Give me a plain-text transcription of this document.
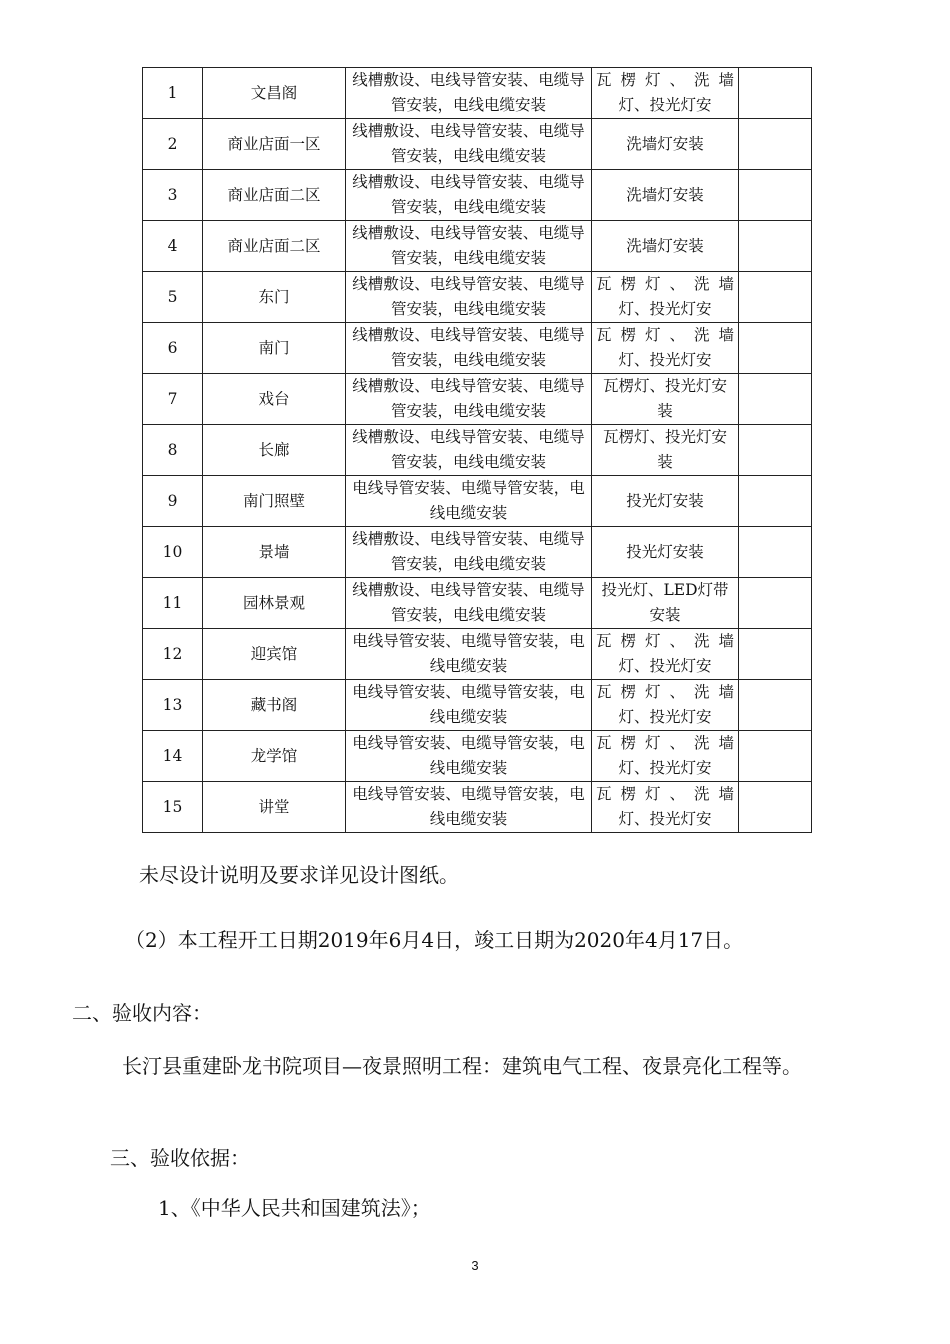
1	文昌阁	线槽敷设、电线导管安装、电缆导管安装，电线电缆安装	瓦 楞 灯 、 洗 墙 灯、投光灯安	
2	商业店面一区	线槽敷设、电线导管安装、电缆导管安装，电线电缆安装	洗墙灯安装	
3	商业店面二区	线槽敷设、电线导管安装、电缆导管安装，电线电缆安装	洗墙灯安装	
4	商业店面二区	线槽敷设、电线导管安装、电缆导管安装，电线电缆安装	洗墙灯安装	
5	东门	线槽敷设、电线导管安装、电缆导管安装，电线电缆安装	瓦 楞 灯 、 洗 墙 灯、投光灯安	
6	南门	线槽敷设、电线导管安装、电缆导管安装，电线电缆安装	瓦 楞 灯 、 洗 墙 灯、投光灯安	
7	戏台	线槽敷设、电线导管安装、电缆导管安装，电线电缆安装	瓦楞灯、投光灯安装	
8	长廊	线槽敷设、电线导管安装、电缆导管安装，电线电缆安装	瓦楞灯、投光灯安装	
9	南门照壁	电线导管安装、电缆导管安装，电线电缆安装	投光灯安装	
10	景墙	线槽敷设、电线导管安装、电缆导管安装，电线电缆安装	投光灯安装	
11	园林景观	线槽敷设、电线导管安装、电缆导管安装，电线电缆安装	投光灯、LED灯带安装	
12	迎宾馆	电线导管安装、电缆导管安装，电线电缆安装	瓦 楞 灯 、 洗 墙 灯、投光灯安	
13	藏书阁	电线导管安装、电缆导管安装，电线电缆安装	瓦 楞 灯 、 洗 墙 灯、投光灯安	
14	龙学馆	电线导管安装、电缆导管安装，电线电缆安装	瓦 楞 灯 、 洗 墙 灯、投光灯安	
15	讲堂	电线导管安装、电缆导管安装，电线电缆安装	瓦 楞 灯 、 洗 墙 灯、投光灯安	

未尽设计说明及要求详见设计图纸。

（2）本工程开工日期2019年6月4日，竣工日期为2020年4月17日。

二、验收内容：

长汀县重建卧龙书院项目—夜景照明工程：建筑电气工程、夜景亮化工程等。

三、验收依据：

1、《中华人民共和国建筑法》；

3
